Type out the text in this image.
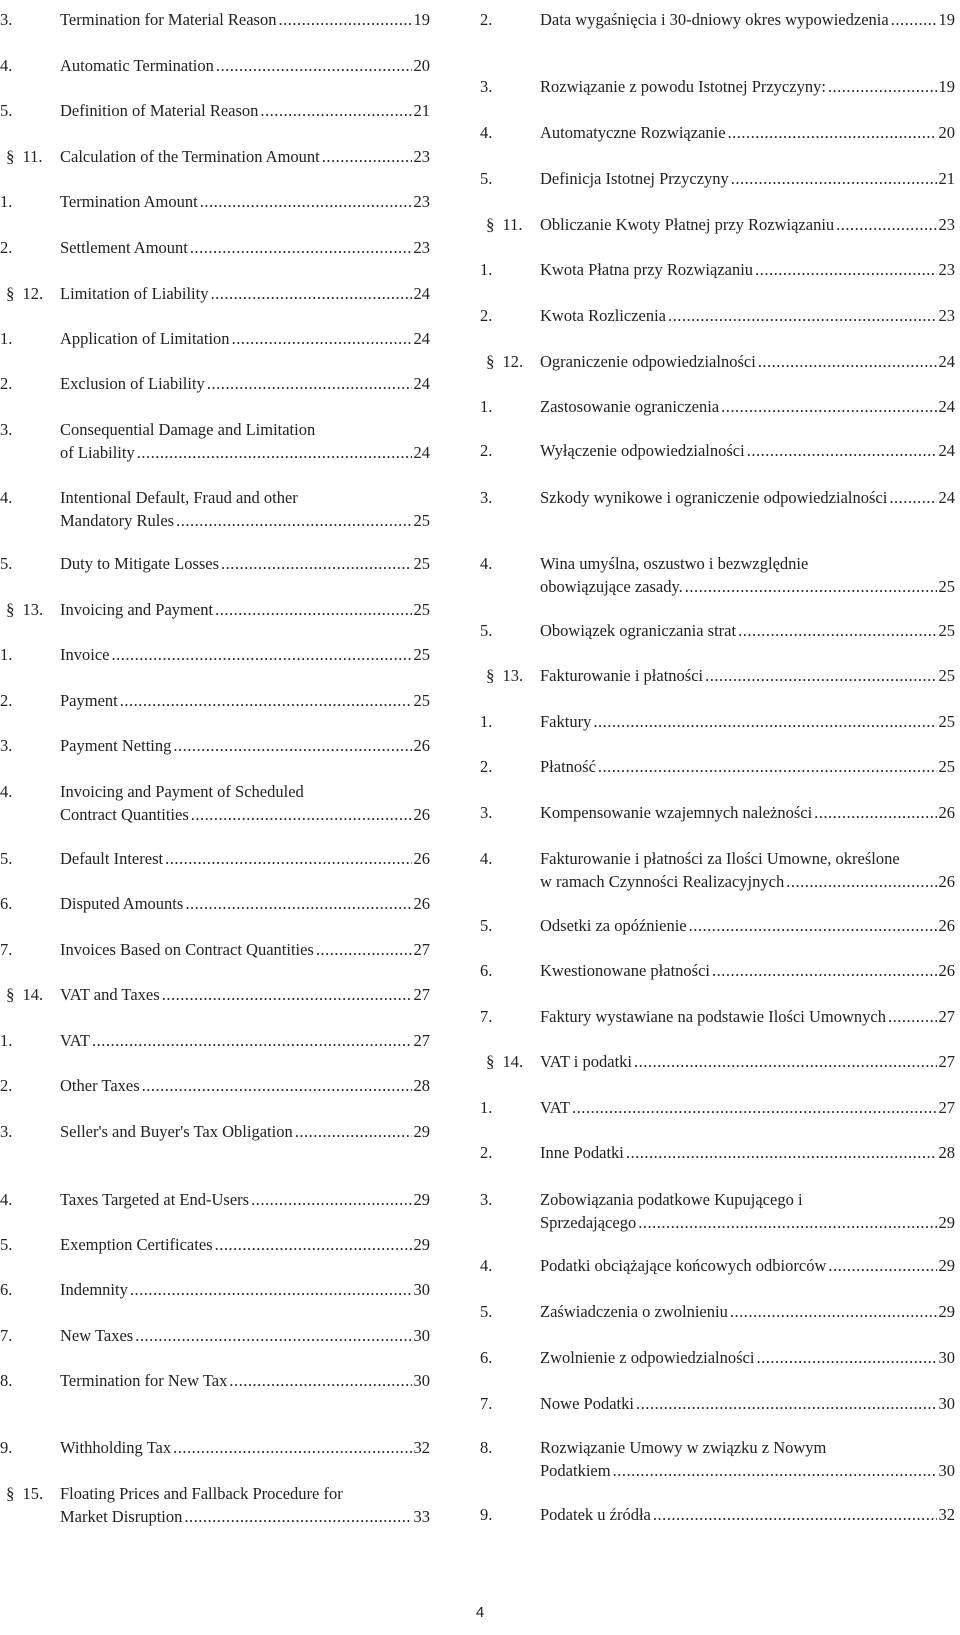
3.	Termination for Material Reason .....	19
4.	Automatic Termination .....	20
5.	Definition of Material Reason .....	21
§ 11. Calculation of the Termination Amount .....	23
1.	Termination Amount .....	23
2.	Settlement Amount .....	23
§ 12. Limitation of Liability .....	24
1.	Application of Limitation .....	24
2.	Exclusion of Liability .....	24
3.	Consequential Damage and Limitation
of Liability .....	24
4.	Intentional Default, Fraud and other
Mandatory Rules .....	25
5.	Duty to Mitigate Losses .....	25
§ 13. Invoicing and Payment .....	25
1.	Invoice .....	25
2.	Payment .....	25
3.	Payment Netting .....	26
4.	Invoicing and Payment of Scheduled
Contract Quantities .....	26
5.	Default Interest .....	26
6.	Disputed Amounts .....	26
7.	Invoices Based on Contract Quantities .....	27
§ 14. VAT and Taxes .....	27
1.	VAT .....	27
2.	Other Taxes .....	28
3.	Seller's and Buyer's Tax Obligation .....	29
4.	Taxes Targeted at End-Users .....	29
5.	Exemption Certificates .....	29
6.	Indemnity .....	30
7.	New Taxes .....	30
8.	Termination for New Tax .....	30
9.	Withholding Tax .....	32
§ 15. Floating Prices and Fallback Procedure for
Market Disruption .....	33
2.	Data wygaśnięcia i 30-dniowy okres wypowiedzenia .....	19
3.	Rozwiązanie z powodu Istotnej Przyczyny: .....	19
4.	Automatyczne Rozwiązanie .....	20
5.	Definicja Istotnej Przyczyny .....	21
§ 11. Obliczanie Kwoty Płatnej przy Rozwiązaniu .....	23
1.	Kwota Płatna przy Rozwiązaniu .....	23
2.	Kwota Rozliczenia .....	23
§ 12. Ograniczenie odpowiedzialności .....	24
1.	Zastosowanie ograniczenia .....	24
2.	Wyłączenie odpowiedzialności .....	24
3.	Szkody wynikowe i ograniczenie odpowiedzialności .....	24
4.	Wina umyślna, oszustwo i bezwzględnie
obowiązujące zasady. .....	25
5.	Obowiązek ograniczania strat .....	25
§ 13. Fakturowanie i płatności .....	25
1.	Faktury .....	25
2.	Płatność .....	25
3.	Kompensowanie wzajemnych należności .....	26
4.	Fakturowanie i płatności za Ilości Umowne, określone
w ramach Czynności Realizacyjnych .....	26
5.	Odsetki za opóźnienie .....	26
6.	Kwestionowane płatności .....	26
7.	Faktury wystawiane na podstawie Ilości Umownych .....	27
§ 14. VAT i podatki .....	27
1.	VAT .....	27
2.	Inne Podatki .....	28
3.	Zobowiązania podatkowe Kupującego i
Sprzedającego .....	29
4.	Podatki obciążające końcowych odbiorców .....	29
5.	Zaświadczenia o zwolnieniu .....	29
6.	Zwolnienie z odpowiedzialności .....	30
7.	Nowe Podatki .....	30
8.	Rozwiązanie Umowy w związku z Nowym
Podatkiem .....	30
9.	Podatek u źródła .....	32
4
